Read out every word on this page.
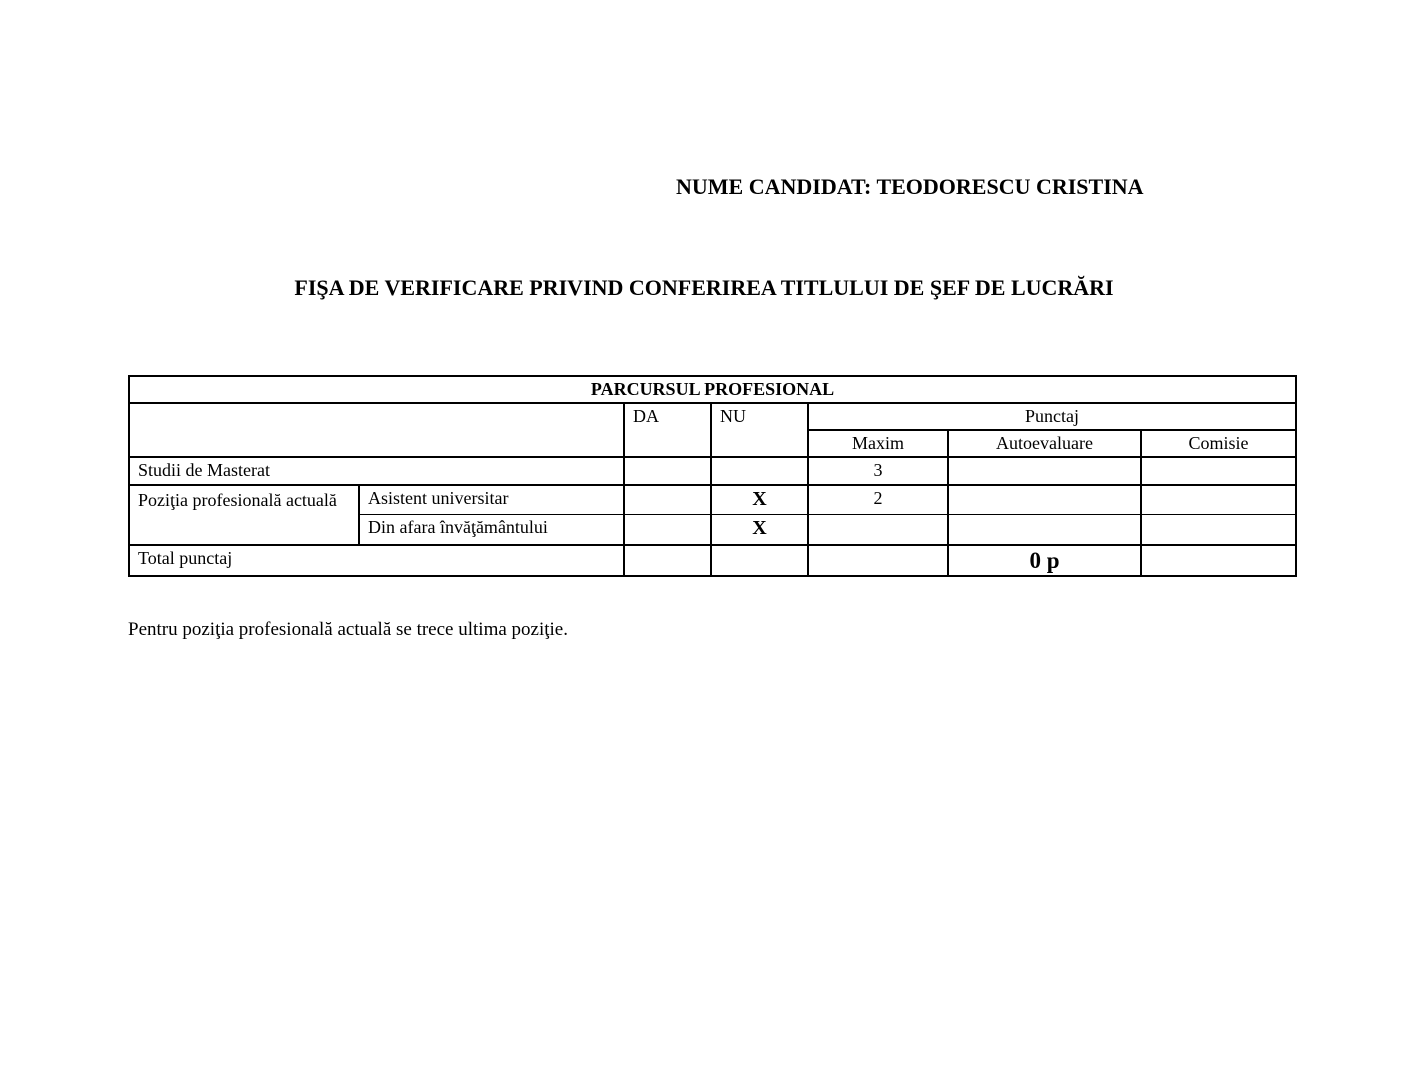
NUME CANDIDAT: TEODORESCU CRISTINA
FIŞA DE VERIFICARE PRIVIND CONFERIREA TITLULUI DE ŞEF DE LUCRĂRI
PARCURSUL PROFESIONAL						
		DA	NU	Punctaj		
				Maxim	Autoevaluare	Comisie
Studii de Masterat				3		
Poziţia profesională actuală	Asistent universitar		X	2		
	Din afara învăţământului		X			
Total punctaj					0 p	

Pentru poziţia profesională actuală se trece ultima poziţie.
